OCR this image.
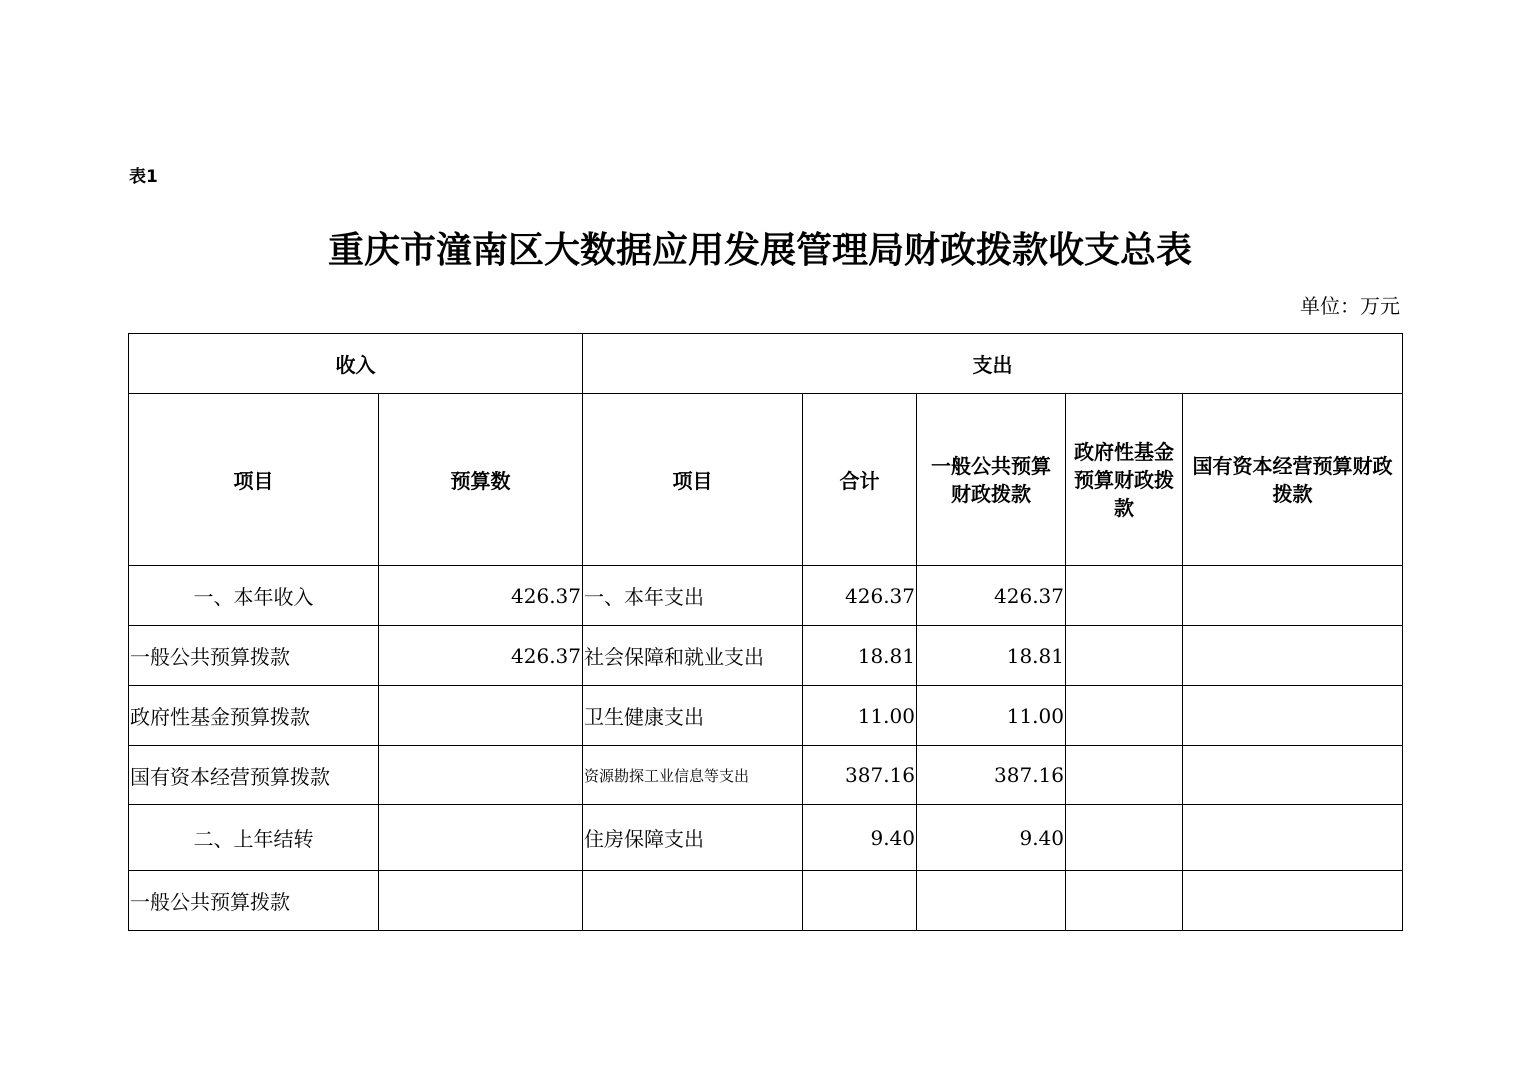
表1
重庆市潼南区大数据应用发展管理局财政拨款收支总表
单位：万元
收入		支出				
项目	预算数	项目	合计	一般公共预算财政拨款	政府性基金预算财政拨款	国有资本经营预算财政拨款
一、本年收入	426.37	一、本年支出	426.37	426.37		
一般公共预算拨款	426.37	社会保障和就业支出	18.81	18.81		
政府性基金预算拨款		卫生健康支出	11.00	11.00		
国有资本经营预算拨款		资源勘探工业信息等支出	387.16	387.16		
二、上年结转		住房保障支出	9.40	9.40		
一般公共预算拨款						
